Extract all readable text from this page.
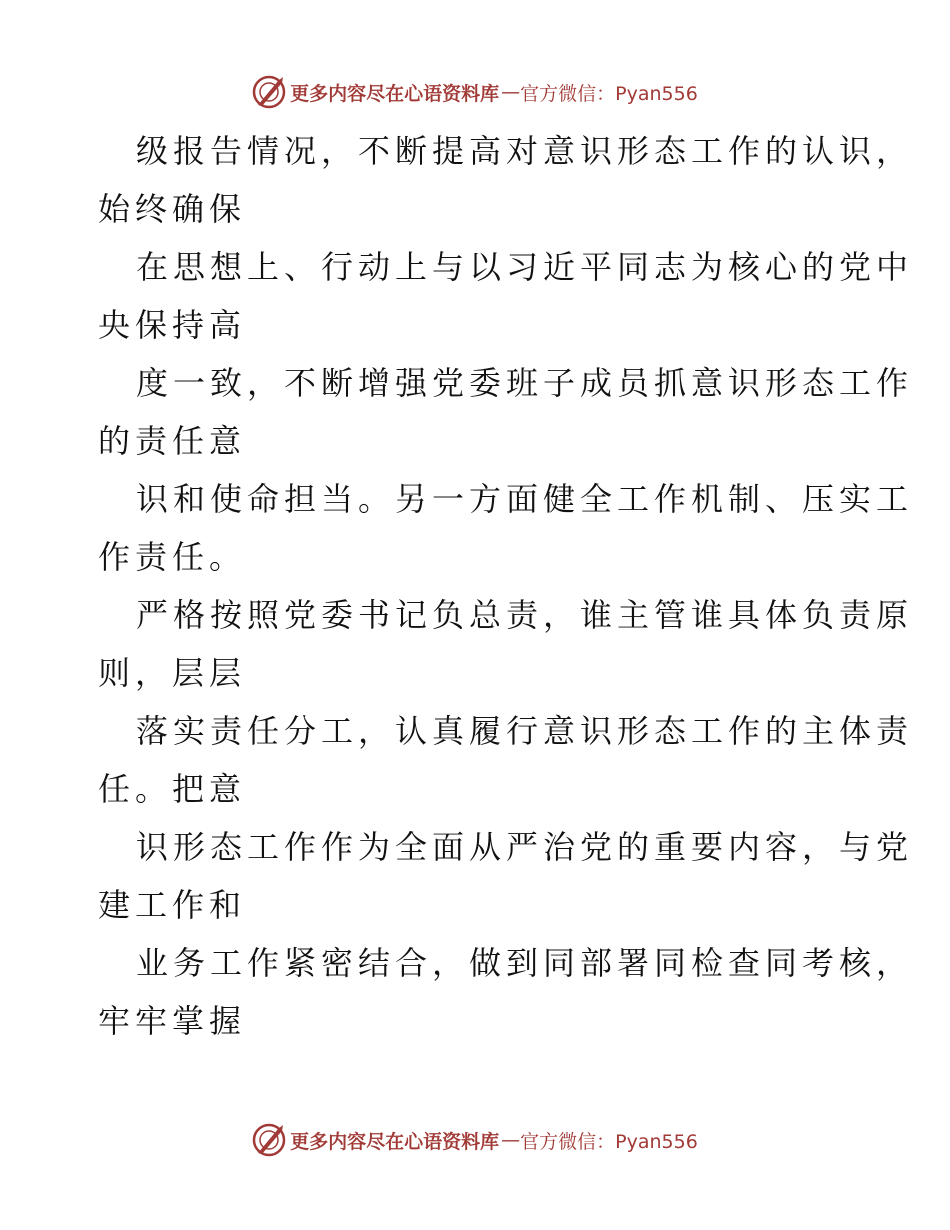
更多内容尽在心语资料库 — 官方微信：Pyan556
级报告情况，不断提高对意识形态工作的认识，
始终确保
在思想上、行动上与以习近平同志为核心的党中
央保持高
度一致，不断增强党委班子成员抓意识形态工作
的责任意
识和使命担当。另一方面健全工作机制、压实工
作责任。
严格按照党委书记负总责，谁主管谁具体负责原
则，层层
落实责任分工，认真履行意识形态工作的主体责
任。把意
识形态工作作为全面从严治党的重要内容，与党
建工作和
业务工作紧密结合，做到同部署同检查同考核，
牢牢掌握
更多内容尽在心语资料库 — 官方微信：Pyan556
